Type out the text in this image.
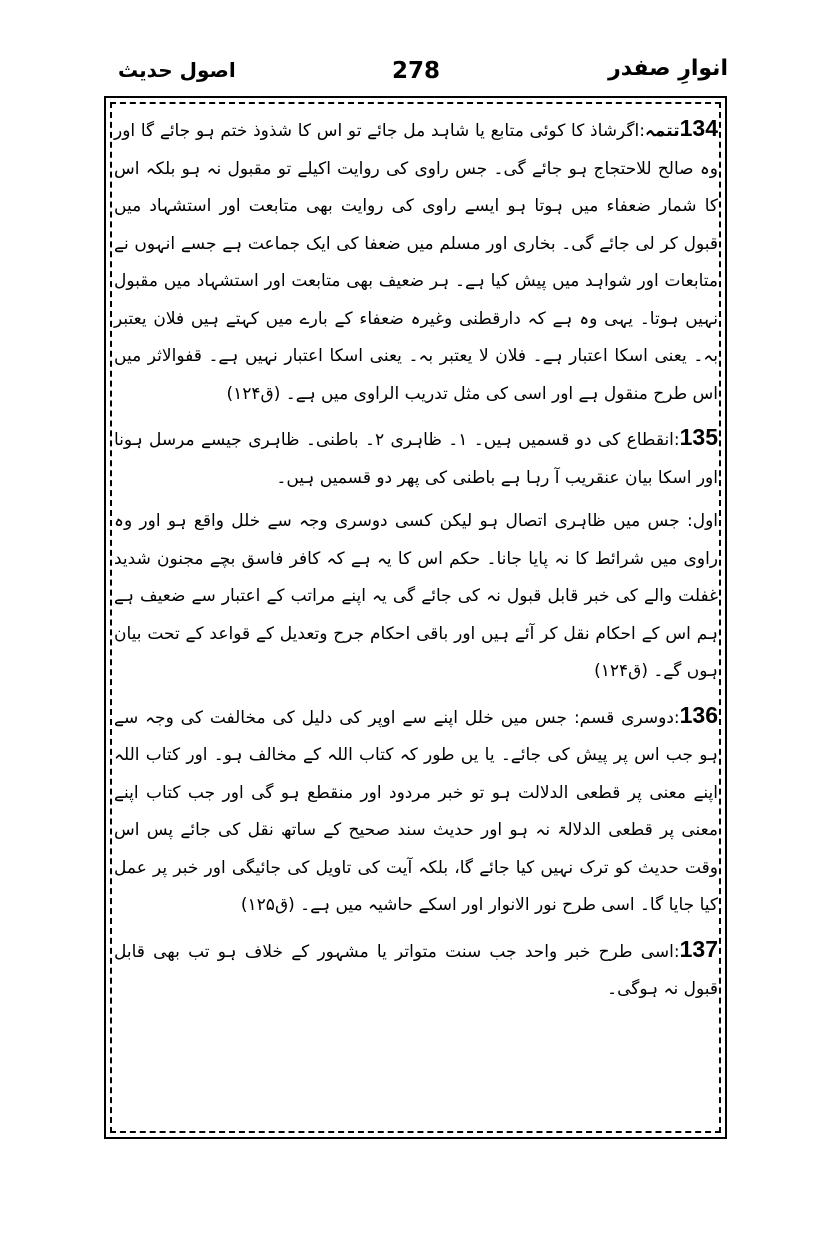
انوارِ صفدر
278
اصول حدیث

134تتمہ:اگرشاذ کا کوئی متابع یا شاہد مل جائے تو اس کا شذوذ ختم ہو جائے گا اور وہ صالح للاحتجاج ہو جائے گی۔ جس راوی کی روایت اکیلے تو مقبول نہ ہو بلکہ اس کا شمار ضعفاء میں ہوتا ہو ایسے راوی کی روایت بھی متابعت اور استشہاد میں قبول کر لی جائے گی۔ بخاری اور مسلم میں ضعفا کی ایک جماعت ہے جسے انہوں نے متابعات اور شواہد میں پیش کیا ہے۔ ہر ضعیف بھی متابعت اور استشہاد میں مقبول نہیں ہوتا۔ یہی وہ ہے کہ دارقطنی وغیرہ ضعفاء کے بارے میں کہتے ہیں فلان یعتبر بہ۔ یعنی اسکا اعتبار ہے۔ فلان لا یعتبر بہ۔ یعنی اسکا اعتبار نہیں ہے۔ قفوالاثر میں اس طرح منقول ہے اور اسی کی مثل تدریب الراوی میں ہے۔ (ق۱۲۴)

135:انقطاع کی دو قسمیں ہیں۔ ۱۔ ظاہری ۲۔ باطنی۔ ظاہری جیسے مرسل ہونا اور اسکا بیان عنقریب آ رہا ہے باطنی کی پھر دو قسمیں ہیں۔

اول: جس میں ظاہری اتصال ہو لیکن کسی دوسری وجہ سے خلل واقع ہو اور وہ راوی میں شرائط کا نہ پایا جانا۔ حکم اس کا یہ ہے کہ کافر فاسق بچے مجنون شدید غفلت والے کی خبر قابل قبول نہ کی جائے گی یہ اپنے مراتب کے اعتبار سے ضعیف ہے ہم اس کے احکام نقل کر آئے ہیں اور باقی احکام جرح وتعدیل کے قواعد کے تحت بیان ہوں گے۔ (ق۱۲۴)

136:دوسری قسم: جس میں خلل اپنے سے اوپر کی دلیل کی مخالفت کی وجہ سے ہو جب اس پر پیش کی جائے۔ یا یں طور کہ کتاب اللہ کے مخالف ہو۔ اور کتاب اللہ اپنے معنی پر قطعی الدلالت ہو تو خبر مردود اور منقطع ہو گی اور جب کتاب اپنے معنی پر قطعی الدلالۃ نہ ہو اور حدیث سند صحیح کے ساتھ نقل کی جائے پس اس وقت حدیث کو ترک نہیں کیا جائے گا، بلکہ آیت کی تاویل کی جائیگی اور خبر پر عمل کیا جایا گا۔ اسی طرح نور الانوار اور اسکے حاشیہ میں ہے۔ (ق۱۲۵)

137:اسی طرح خبر واحد جب سنت متواتر یا مشہور کے خلاف ہو تب بھی قابل قبول نہ ہوگی۔
